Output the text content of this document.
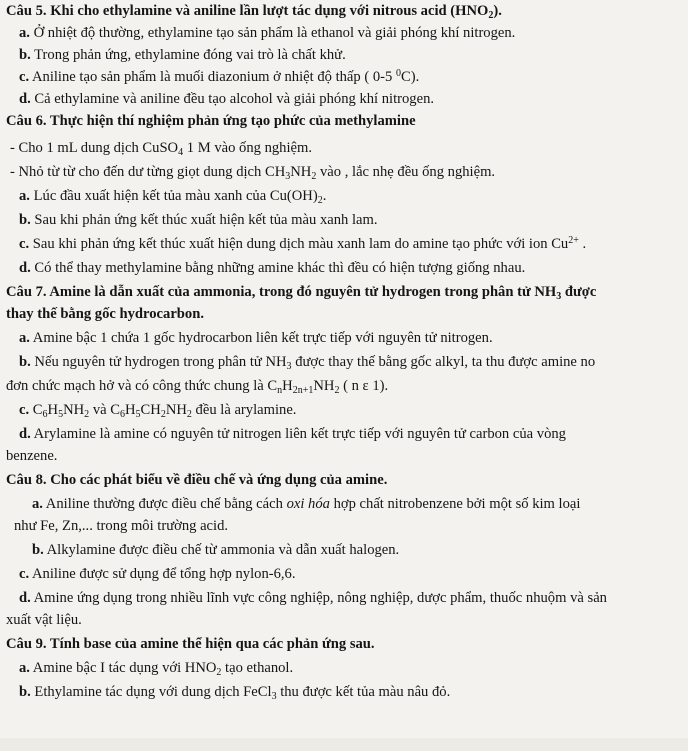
Câu 5. Khi cho ethylamine và aniline lần lượt tác dụng với nitrous acid $(HNO_2)$.
a. Ở nhiệt độ thường, ethylamine tạo sản phẩm là ethanol và giải phóng khí nitrogen.
b. Trong phản ứng, ethylamine đóng vai trò là chất khử.
c. Aniline tạo sản phẩm là muối diazonium ở nhiệt độ thấp ( 0-5 $^0$C).
d. Cả ethylamine và aniline đều tạo alcohol và giải phóng khí nitrogen.
Câu 6. Thực hiện thí nghiệm phản ứng tạo phức của methylamine
- Cho 1 mL dung dịch CuSO$_4$ 1 M vào ống nghiệm.
- Nhỏ từ từ cho đến dư từng giọt dung dịch $CH_3NH_2$ vào , lắc nhẹ đều ống nghiệm.
a. Lúc đầu xuất hiện kết tủa màu xanh của $Cu(OH)_2$.
b. Sau khi phản ứng kết thúc xuất hiện kết tủa màu xanh lam.
c. Sau khi phản ứng kết thúc xuất hiện dung dịch màu xanh lam do amine tạo phức với ion $Cu^{2+}$ .
d. Có thể thay methylamine bằng những amine khác thì đều có hiện tượng giống nhau.
Câu 7. Amine là dẫn xuất của ammonia, trong đó nguyên tử hydrogen trong phân tử $NH_3$ được
thay thế bằng gốc hydrocarbon.
a. Amine bậc 1 chứa 1 gốc hydrocarbon liên kết trực tiếp với nguyên tử nitrogen.
b. Nếu nguyên tử hydrogen trong phân tử $NH_3$ được thay thế bằng gốc alkyl, ta thu được amine no
đơn chức mạch hở và có công thức chung là $C_nH_{2n+1}NH_2$ ( n ε 1).
c. $C_6H_5NH_2$ và $C_6H_5CH_2NH_2$ đều là arylamine.
d. Arylamine là amine có nguyên tử nitrogen liên kết trực tiếp với nguyên tử carbon của vòng
benzene.
Câu 8. Cho các phát biểu về điều chế và ứng dụng của amine.
a. Aniline thường được điều chế bằng cách oxi hóa hợp chất nitrobenzene bởi một số kim loại
như Fe, Zn,... trong môi trường acid.
b. Alkylamine được điều chế từ ammonia và dẫn xuất halogen.
c. Aniline được sử dụng để tổng hợp nylon-6,6.
d. Amine ứng dụng trong nhiều lĩnh vực công nghiệp, nông nghiệp, dược phẩm, thuốc nhuộm và sản
xuất vật liệu.
Câu 9. Tính base của amine thể hiện qua các phản ứng sau.
a. Amine bậc I tác dụng với $HNO_2$ tạo ethanol.
b. Ethylamine tác dụng với dung dịch FeCl$_3$ thu được kết tủa màu nâu đỏ.
